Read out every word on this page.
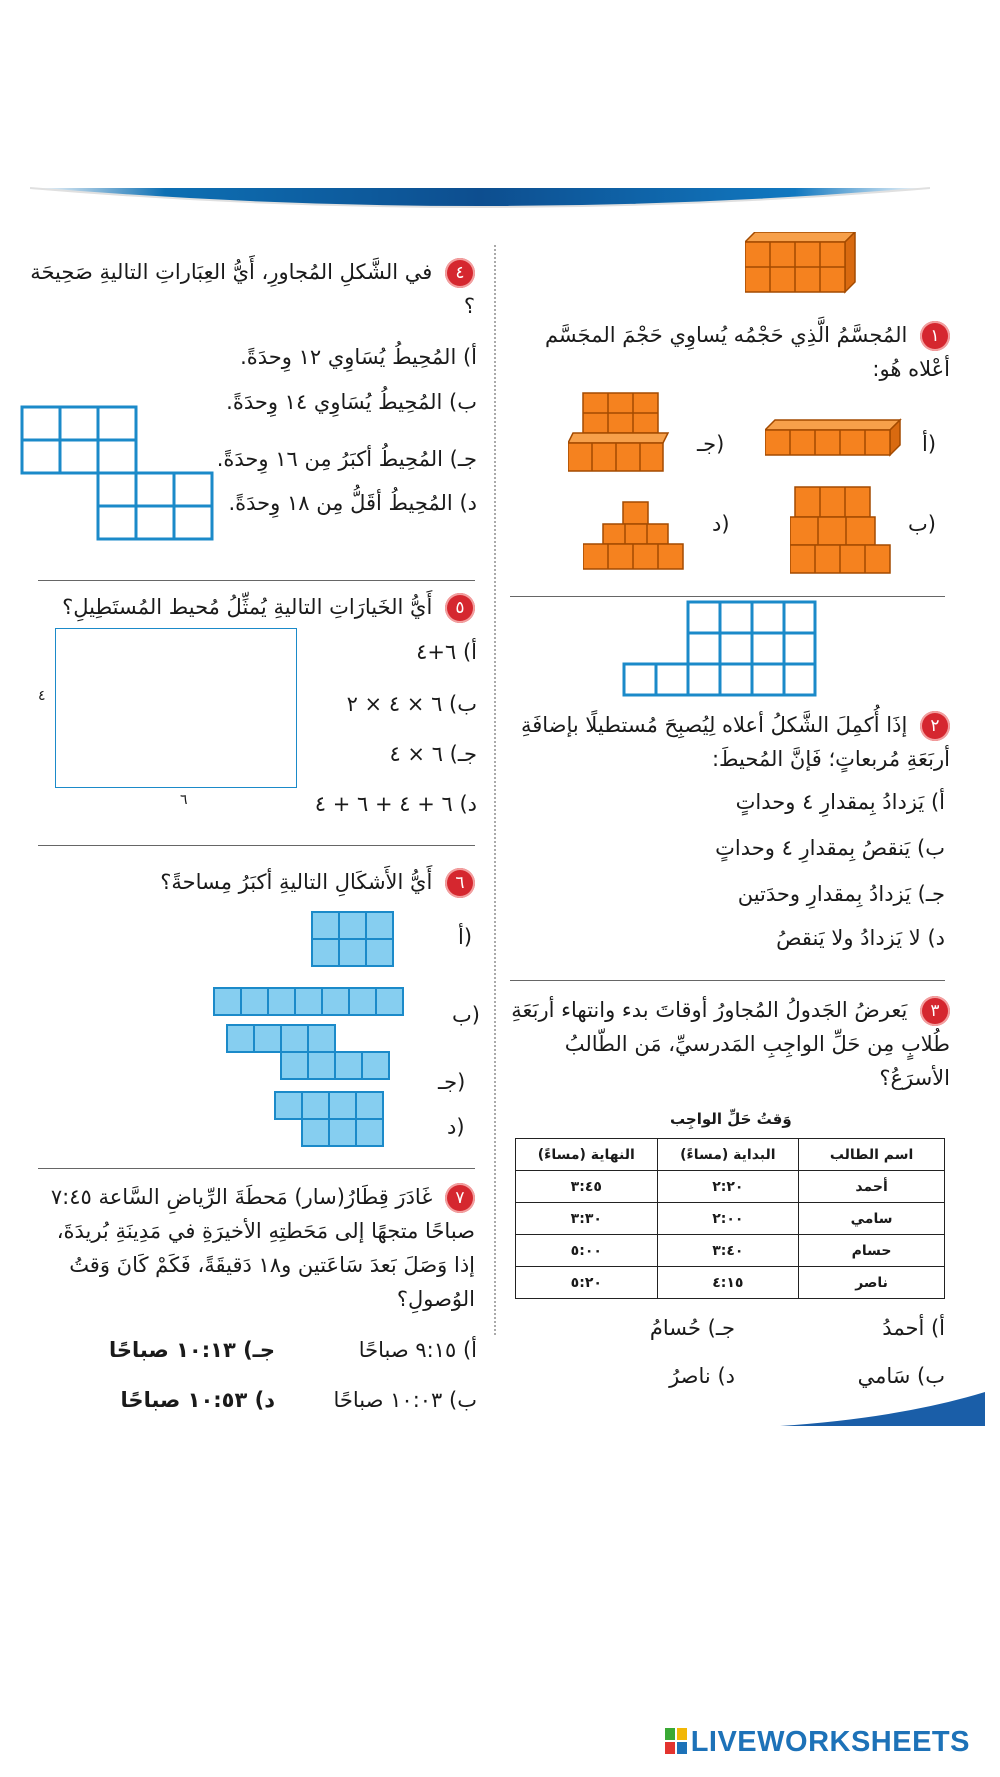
١ المُجسَّمُ الَّذِي حَجْمُه يُساوِي حَجْمَ المجَسَّم أعْلاه هُو:
أ)
جـ)
ب)
د)
٢ إذَا أُكمِلَ الشَّكلُ أعلاه لِيُصبِحَ مُستطيلًا بإضافَةِ أربَعَةِ مُربعاتٍ؛ فَإنَّ المُحيطَ:
أ) يَزدادُ بِمقدارِ ٤ وحداتٍ
ب) يَنقصُ بِمقدارِ ٤ وحداتٍ
جـ) يَزدادُ بِمقدارِ وحدَتين
د) لا يَزدادُ ولا يَنقصُ
٣ يَعرضُ الجَدولُ المُجاورُ أوقاتَ بدء وانتهاء أربَعَةِ طُلابٍ مِن حَلِّ الواجِبِ المَدرسيِّ، مَن الطّالبُ الأسرَعُ؟
وَقتُ حَلِّ الواجِب
اسم الطالب	البداية (مساءً)	النهاية (مساءً)
أحمد	٢:٢٠	٣:٤٥
سامي	٢:٠٠	٣:٣٠
حسام	٣:٤٠	٥:٠٠
ناصر	٤:١٥	٥:٢٠
أ) أحمدُ
جـ) حُسامُ
ب) سَامي
د) ناصرُ
٤ في الشَّكلِ المُجاورِ، أَيُّ العِبَاراتِ التاليةِ صَحِيحَة ؟
أ) المُحِيطُ يُسَاوِي ١٢ وِحدَةً.
ب) المُحِيطُ يُسَاوِي ١٤ وِحدَةً.
جـ) المُحِيطُ أكبَرُ مِن ١٦ وِحدَةً.
د) المُحِيطُ أقَلُّ مِن ١٨ وِحدَةً.
٥ أَيُّ الخَيارَاتِ التاليةِ يُمثِّلُ مُحيط المُستَطِيلِ؟
٤
٦
أ) ٦+٤
ب) ٦ × ٤ × ٢
جـ) ٦ × ٤
د) ٦ + ٤ + ٦ + ٤
٦ أَيُّ الأَشكَالِ التاليةِ أكبَرُ مِساحةً؟
أ)
ب)
جـ)
د)
٧ غَادَرَ قِطَارُ(سار) مَحطَةَ الرِّياضِ السَّاعة ٧:٤٥ صباحًا متجهًا إلى مَحَطتِهِ الأخيرَةِ في مَدِينَةِ بُريدَةَ، إذا وَصَلَ بَعدَ سَاعَتين و١٨ دَقيقَةً، فَكَمْ كَانَ وَقتُ الوُصولِ؟
أ) ٩:١٥ صباحًا
جـ) ١٠:١٣ صباحًا
ب) ١٠:٠٣ صباحًا
د) ١٠:٥٣ صباحًا
LIVEWORKSHEETS
